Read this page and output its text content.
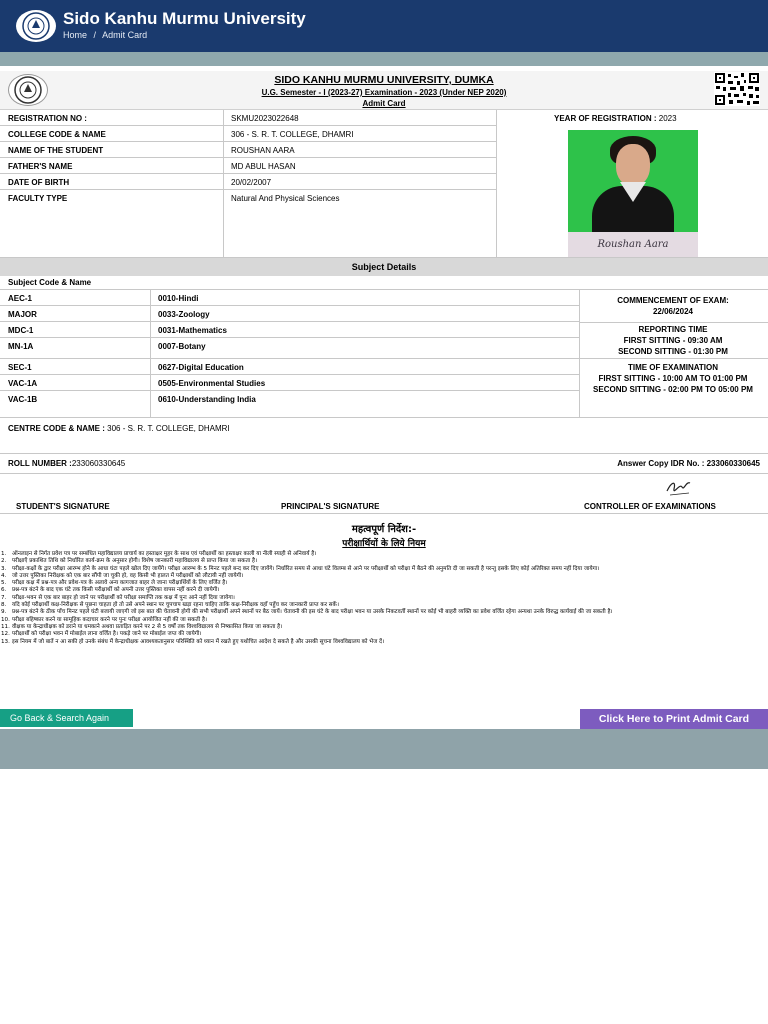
Sido Kanhu Murmu University
Home / Admit Card
SIDO KANHU MURMU UNIVERSITY, DUMKA
U.G. Semester - I (2023-27) Examination - 2023 (Under NEP 2020)
Admit Card
REGISTRATION NO :	SKMU2023022648
COLLEGE CODE & NAME	306 - S. R. T. COLLEGE, DHAMRI
NAME OF THE STUDENT	ROUSHAN AARA
FATHER'S NAME	MD ABUL HASAN
DATE OF BIRTH	20/02/2007
FACULTY TYPE	Natural And Physical Sciences
YEAR OF REGISTRATION : 2023
Subject Details
Subject Code & Name
AEC-1	0010-Hindi
MAJOR	0033-Zoology
MDC-1	0031-Mathematics
MN-1A	0007-Botany
SEC-1	0627-Digital Education
VAC-1A	0505-Environmental Studies
VAC-1B	0610-Understanding India
COMMENCEMENT OF EXAM:
22/06/2024
REPORTING TIME
FIRST SITTING - 09:30 AM
SECOND SITTING - 01:30 PM
TIME OF EXAMINATION
FIRST SITTING - 10:00 AM TO 01:00 PM
SECOND SITTING - 02:00 PM TO 05:00 PM
CENTRE CODE & NAME : 306 - S. R. T. COLLEGE, DHAMRI
ROLL NUMBER :233060330645	Answer Copy IDR No. : 233060330645
STUDENT'S SIGNATURE	PRINCIPAL'S SIGNATURE	CONTROLLER OF EXAMINATIONS
Roushan Aara
महत्वपूर्ण निर्देश:-
परीक्षार्थियों के लिये नियम
1. ऑनलाइन से निर्गत प्रवेश पत्र पर सम्बंधित महाविद्यालय प्राचार्य का हस्ताक्षर मुहर के साथ एवं परीक्षार्थी का हस्ताक्षर काली या नीली स्याही से अनिवार्य है।
2. परीक्षाएँ प्रकाशित तिथि को निर्धारित कार्य-क्रम के अनुसार होगी। विशेष जानकारी महाविद्यालय से प्राप्त किया जा सकता है।
3. परीक्षा-कक्षों के द्वार परीक्षा आरम्भ होने के आधा घंटा पहले खोल दिए जायेंगे। परीक्षा आरम्भ के 5 मिनट पहले बन्द कर दिए जायेंगे। निर्धारित समय से आधा घंटे विलम्ब से आने पर परीक्षार्थी को परीक्षा में बैठने की अनुमति दी जा सकती है परन्तु इसके लिए कोई अतिरिक्त समय नहीं दिया जायेगा।
4. जो उत्तर पुस्तिका निरीक्षक को एक बार सौंपी जा चुकी हो, वह किसी भी हालत में परीक्षार्थी को लौटायी नहीं जायेगी।
5. परीक्षा कक्ष में प्रश्न-पत्र और प्रवेश-पत्र के अलावे अन्य कागजात बाहर ले जाना परीक्षार्थियों के लिए वर्जित है।
6. प्रश्न-पत्र बंटने के बाद एक घंटे तक किसी परीक्षार्थी को अपनी उत्तर पुस्तिका वापस नहीं करने दी जायेगी।
7. परीक्षा-भवन से एक बार बाहर हो जाने पर परीक्षार्थी को परीक्षा समाप्ति तक कक्ष में पुनः आने नहीं दिया जायेगा।
8. यदि कोई परीक्षार्थी कक्ष-निरीक्षक से पूछना चाहता हो तो उसे अपने स्थान पर चुपचाप खड़ा रहना चाहिए ताकि कक्ष-निरीक्षक वहाँ पहुँच कर जानकारी प्राप्त कर सकें।
9. प्रश्न-पत्र बंटने के ठीक पाँच मिनट पहले घंटी बजायी जाएगी जो इस बात की चेतावनी होगी की सभी परीक्षार्थी अपने स्थानों पर बैठ जायें। चेतावनी की इस घंटे के बाद परीक्षा भवन या उसके निकटवर्ती स्थानों पर कोई भी बाहरी व्यक्ति का प्रवेश वर्जित रहेगा अन्यथा उनके विरुद्ध कार्यवाई की जा सकती है।
10. परीक्षा बहिष्कार करने या सामूहिक कदाचार करने पर पुनः परीक्षा आयोजित नहीं की जा सकती है।
11. वीक्षक या केन्द्राधीक्षक को डराने या धमकाने अथवा प्रताड़ित करने पर 2 से 5 वर्षों तक विश्वविद्यालय से निष्कासित किया जा सकता है।
12. परीक्षार्थी को परीक्षा भवन में मोबाईल लाना वर्जित है। पकड़े जाने पर मोबाईल जप्त की जायेगी।
13. इस नियम में जो बातें न आ सकी हो उनके संबंध में केन्द्राधीक्षक आवश्यकतानुसार परिस्थिति को ध्यान में रखते हुए यथोचित आदेश दे सकते है और उसकी सूचना विश्वविद्यालय को भेज दें।
Go Back & Search Again	Click Here to Print Admit Card
